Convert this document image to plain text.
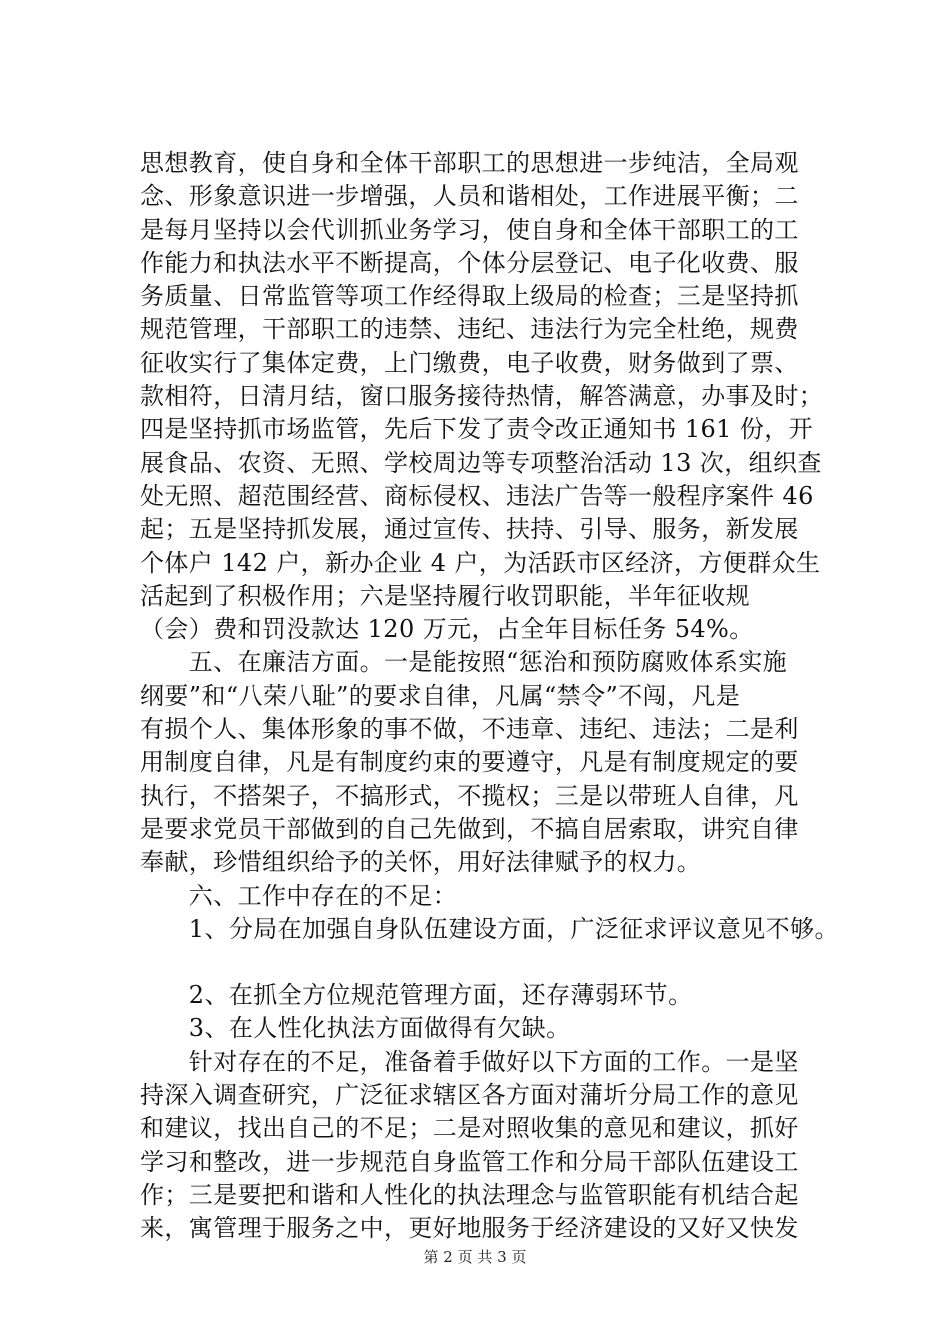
思想教育，使自身和全体干部职工的思想进一步纯洁，全局观
念、形象意识进一步增强，人员和谐相处，工作进展平衡；二
是每月坚持以会代训抓业务学习，使自身和全体干部职工的工
作能力和执法水平不断提高，个体分层登记、电子化收费、服
务质量、日常监管等项工作经得取上级局的检查；三是坚持抓
规范管理，干部职工的违禁、违纪、违法行为完全杜绝，规费
征收实行了集体定费，上门缴费，电子收费，财务做到了票、
款相符，日清月结，窗口服务接待热情，解答满意，办事及时；
四是坚持抓市场监管，先后下发了责令改正通知书 161 份，开
展食品、农资、无照、学校周边等专项整治活动 13 次，组织查
处无照、超范围经营、商标侵权、违法广告等一般程序案件 46
起；五是坚持抓发展，通过宣传、扶持、引导、服务，新发展
个体户 142 户，新办企业 4 户，为活跃市区经济，方便群众生
活起到了积极作用；六是坚持履行收罚职能，半年征收规
（会）费和罚没款达 120 万元，占全年目标任务 54%。
　　五、在廉洁方面。一是能按照“惩治和预防腐败体系实施
纲要”和“八荣八耻”的要求自律，凡属“禁令”不闯，凡是
有损个人、集体形象的事不做，不违章、违纪、违法；二是利
用制度自律，凡是有制度约束的要遵守，凡是有制度规定的要
执行，不搭架子，不搞形式，不揽权；三是以带班人自律，凡
是要求党员干部做到的自己先做到，不搞自居索取，讲究自律
奉献，珍惜组织给予的关怀，用好法律赋予的权力。
　　六、工作中存在的不足：
　　1、分局在加强自身队伍建设方面，广泛征求评议意见不够。
　　2、在抓全方位规范管理方面，还存薄弱环节。
　　3、在人性化执法方面做得有欠缺。
　　针对存在的不足，准备着手做好以下方面的工作。一是坚
持深入调查研究，广泛征求辖区各方面对蒲圻分局工作的意见
和建议，找出自己的不足；二是对照收集的意见和建议，抓好
学习和整改，进一步规范自身监管工作和分局干部队伍建设工
作；三是要把和谐和人性化的执法理念与监管职能有机结合起
来，寓管理于服务之中，更好地服务于经济建设的又好又快发
第 2 页 共 3 页
